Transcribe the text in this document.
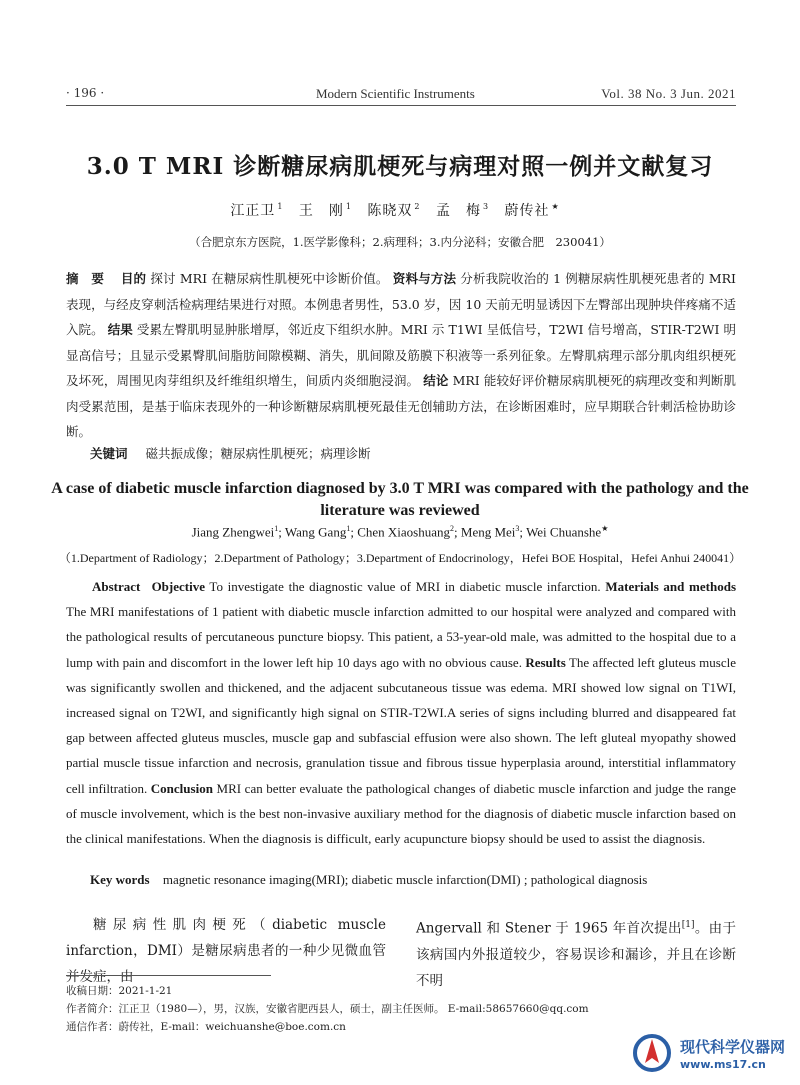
· 196 ·	Modern Scientific Instruments	Vol. 38 No. 3 Jun. 2021
3.0 T MRI 诊断糖尿病肌梗死与病理对照一例并文献复习
江正卫 $^1$ 王　刚 $^1$ 陈晓双 $^2$ 孟　梅 $^3$ 蔚传社 ★
（合肥京东方医院，1.医学影像科；2.病理科；3.内分泌科；安徽合肥　230041）
摘　要　 目的 探讨 MRI 在糖尿病性肌梗死中诊断价值。 资料与方法 分析我院收治的 1 例糖尿病性肌梗死患者的 MRI 表现，与经皮穿刺活检病理结果进行对照。本例患者男性，53.0 岁，因 10 天前无明显诱因下左臀部出现肿块伴疼痛不适入院。 结果 受累左臀肌明显肿胀增厚，邻近皮下组织水肿。MRI 示 T1WI 呈低信号，T2WI 信号增高，STIR-T2WI 明显高信号；且显示受累臀肌间脂肪间隙模糊、消失，肌间隙及筋膜下积液等一系列征象。左臀肌病理示部分肌肉组织梗死及坏死，周围见肉芽组织及纤维组织增生，间质内炎细胞浸润。 结论 MRI 能较好评价糖尿病肌梗死的病理改变和判断肌肉受累范围，是基于临床表现外的一种诊断糖尿病肌梗死最佳无创辅助方法，在诊断困难时，应早期联合针刺活检协助诊断。
关键词 磁共振成像；糖尿病性肌梗死；病理诊断
A case of diabetic muscle infarction diagnosed by 3.0 T MRI was compared with the pathology and the literature was reviewed
Jiang Zhengwei$^1$; Wang Gang$^1$; Chen Xiaoshuang$^2$; Meng Mei$^3$; Wei Chuanshe★
（1.Department of Radiology；2.Department of Pathology；3.Department of Endocrinology，Hefei BOE Hospital，Hefei Anhui 240041）
  Abstract  Objective To investigate the diagnostic value of MRI in diabetic muscle infarction. Materials and methods The MRI manifestations of 1 patient with diabetic muscle infarction admitted to our hospital were analyzed and compared with the pathological results of percutaneous puncture biopsy. This patient, a 53-year-old male, was admitted to the hospital due to a lump with pain and discomfort in the lower left hip 10 days ago with no obvious cause. Results The affected left gluteus muscle was significantly swollen and thickened, and the adjacent subcutaneous tissue was edema. MRI showed low signal on T1WI, increased signal on T2WI, and significantly high signal on STIR-T2WI.A series of signs including blurred and disappeared fat gap between affected gluteus muscles, muscle gap and subfascial effusion were also shown. The left gluteal myopathy showed partial muscle tissue infarction and necrosis, granulation tissue and fibrous tissue hyperplasia around, interstitial inflammatory cell infiltration. Conclusion MRI can better evaluate the pathological changes of diabetic muscle infarction and judge the range of muscle involvement, which is the best non-invasive auxiliary method for the diagnosis of diabetic muscle infarction based on the clinical manifestations. When the diagnosis is difficult, early acupuncture biopsy should be used to assist the diagnosis.
Key words magnetic resonance imaging(MRI); diabetic muscle infarction(DMI) ; pathological diagnosis
糖尿病性肌肉梗死（diabetic muscle infarction，DMI）是糖尿病患者的一种少见微血管并发症，由
Angervall 和 Stener 于 1965 年首次提出[1]。由于该病国内外报道较少，容易误诊和漏诊，并且在诊断不明
收稿日期：2021-1-21
作者简介：江正卫（1980—），男，汉族，安徽省肥西县人，硕士，副主任医师。 E-mail:58657660@qq.com
通信作者：蔚传社，E-mail：weichuanshe@boe.com.cn
现代科学仪器网
www.ms17.cn
